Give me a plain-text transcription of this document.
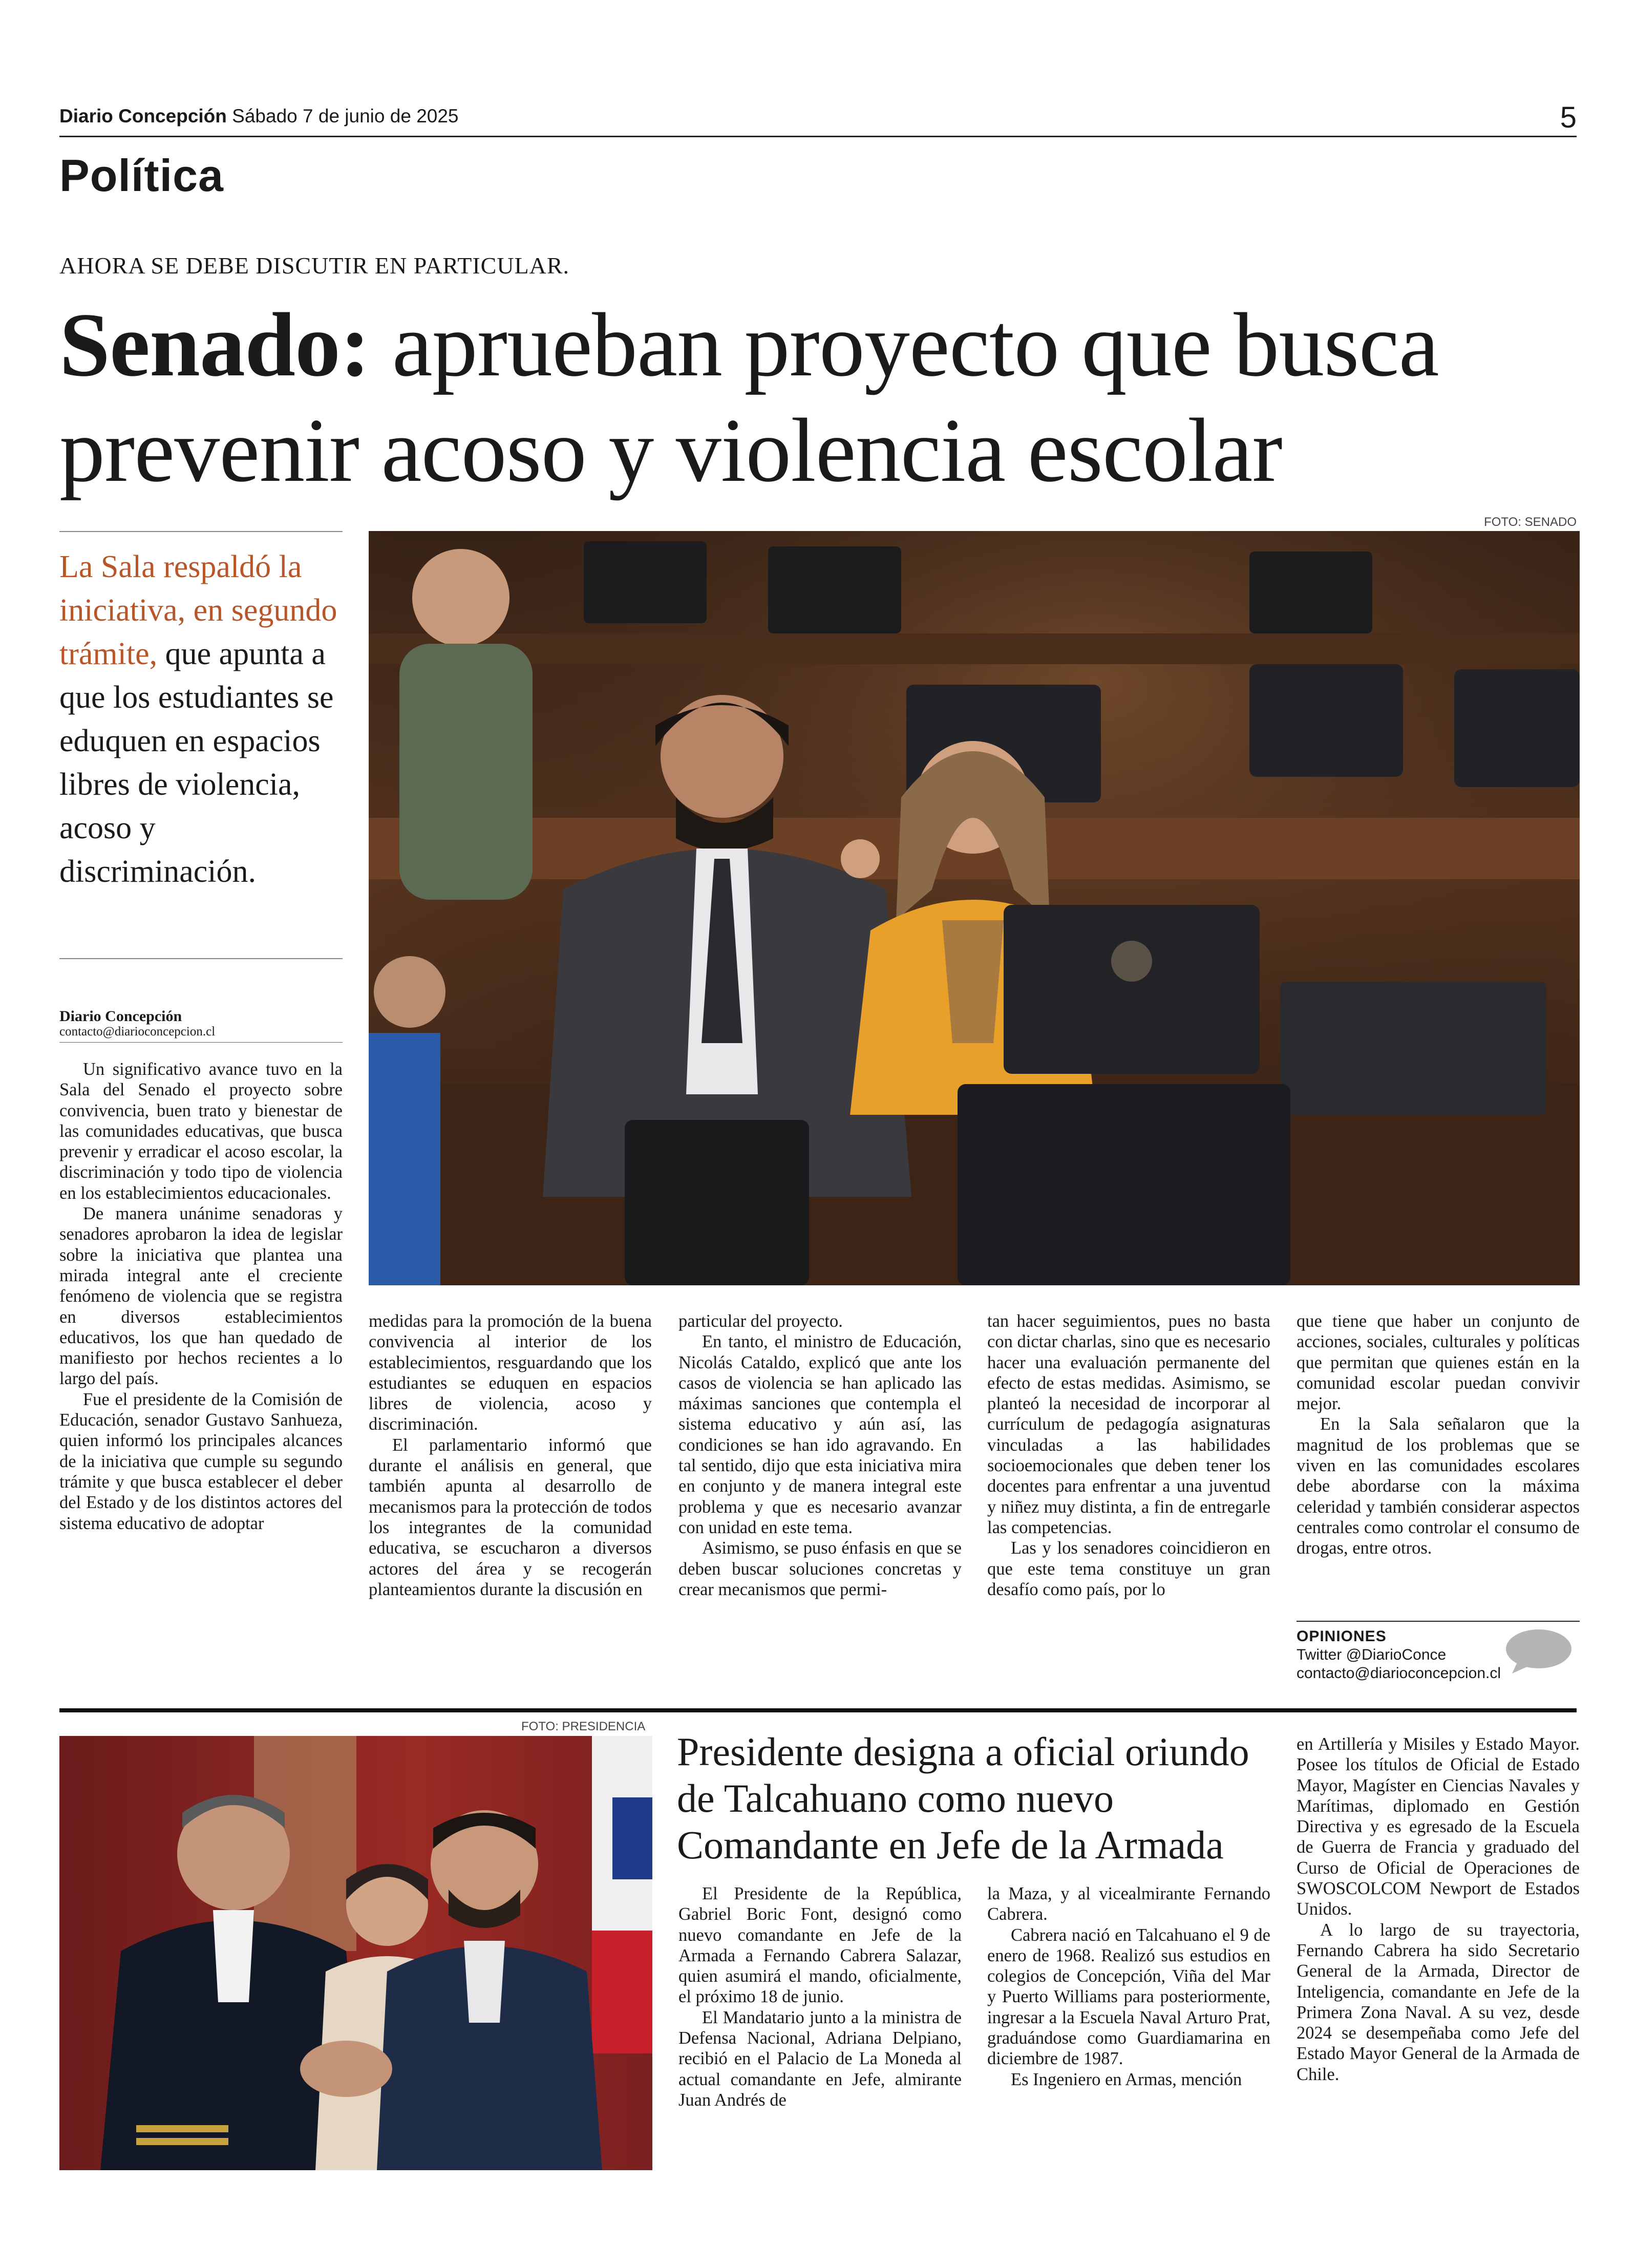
Diario Concepción Sábado 7 de junio de 2025	5
Política
AHORA SE DEBE DISCUTIR EN PARTICULAR.
Senado: aprueban proyecto que busca prevenir acoso y violencia escolar
FOTO: SENADO
La Sala respaldó la iniciativa, en segundo trámite, que apunta a que los estudiantes se eduquen en espacios libres de violencia, acoso y discriminación.
Diario Concepción
contacto@diarioconcepcion.cl

Un significativo avance tuvo en la Sala del Senado el proyecto sobre convivencia, buen trato y bienestar de las comunidades educativas, que busca prevenir y erradicar el acoso escolar, la discriminación y todo tipo de violencia en los establecimientos educacionales.

De manera unánime senadoras y senadores aprobaron la idea de legislar sobre la iniciativa que plantea una mirada integral ante el creciente fenómeno de violencia que se registra en diversos establecimientos educativos, los que han quedado de manifiesto por hechos recientes a lo largo del país.

Fue el presidente de la Comisión de Educación, senador Gustavo Sanhueza, quien informó los principales alcances de la iniciativa que cumple su segundo trámite y que busca establecer el deber del Estado y de los distintos actores del sistema educativo de adoptar

medidas para la promoción de la buena convivencia al interior de los establecimientos, resguardando que los estudiantes se eduquen en espacios libres de violencia, acoso y discriminación.

El parlamentario informó que durante el análisis en general, que también apunta al desarrollo de mecanismos para la protección de todos los integrantes de la comunidad educativa, se escucharon a diversos actores del área y se recogerán planteamientos durante la discusión en

particular del proyecto.

En tanto, el ministro de Educación, Nicolás Cataldo, explicó que ante los casos de violencia se han aplicado las máximas sanciones que contempla el sistema educativo y aún así, las condiciones se han ido agravando. En tal sentido, dijo que esta iniciativa mira en conjunto y de manera integral este problema y que es necesario avanzar con unidad en este tema.

Asimismo, se puso énfasis en que se deben buscar soluciones concretas y crear mecanismos que permi-

tan hacer seguimientos, pues no basta con dictar charlas, sino que es necesario hacer una evaluación permanente del efecto de estas medidas. Asimismo, se planteó la necesidad de incorporar al currículum de pedagogía asignaturas vinculadas a las habilidades socioemocionales que deben tener los docentes para enfrentar a una juventud y niñez muy distinta, a fin de entregarle las competencias.

Las y los senadores coincidieron en que este tema constituye un gran desafío como país, por lo

que tiene que haber un conjunto de acciones, sociales, culturales y políticas que permitan que quienes están en la comunidad escolar puedan convivir mejor.

En la Sala señalaron que la magnitud de los problemas que se viven en las comunidades escolares debe abordarse con la máxima celeridad y también considerar aspectos centrales como controlar el consumo de drogas, entre otros.

OPINIONES
Twitter @DiarioConce
contacto@diarioconcepcion.cl
FOTO: PRESIDENCIA
Presidente designa a oficial oriundo de Talcahuano como nuevo Comandante en Jefe de la Armada

El Presidente de la República, Gabriel Boric Font, designó como nuevo comandante en Jefe de la Armada a Fernando Cabrera Salazar, quien asumirá el mando, oficialmente, el próximo 18 de junio.

El Mandatario junto a la ministra de Defensa Nacional, Adriana Delpiano, recibió en el Palacio de La Moneda al actual comandante en Jefe, almirante Juan Andrés de

la Maza, y al vicealmirante Fernando Cabrera.

Cabrera nació en Talcahuano el 9 de enero de 1968. Realizó sus estudios en colegios de Concepción, Viña del Mar y Puerto Williams para posteriormente, ingresar a la Escuela Naval Arturo Prat, graduándose como Guardiamarina en diciembre de 1987.

Es Ingeniero en Armas, mención

en Artillería y Misiles y Estado Mayor. Posee los títulos de Oficial de Estado Mayor, Magíster en Ciencias Navales y Marítimas, diplomado en Gestión Directiva y es egresado de la Escuela de Guerra de Francia y graduado del Curso de Oficial de Operaciones de SWOSCOLCOM Newport de Estados Unidos.

A lo largo de su trayectoria, Fernando Cabrera ha sido Secretario General de la Armada, Director de Inteligencia, comandante en Jefe de la Primera Zona Naval. A su vez, desde 2024 se desempeñaba como Jefe del Estado Mayor General de la Armada de Chile.
